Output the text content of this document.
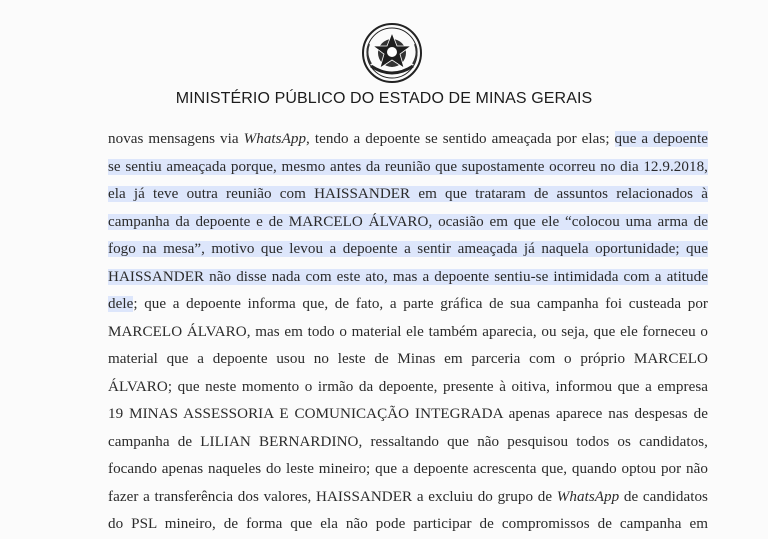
MINISTÉRIO PÚBLICO DO ESTADO DE MINAS GERAIS
novas mensagens via WhatsApp, tendo a depoente se sentido ameaçada por elas; que a depoente
se sentiu ameaçada porque, mesmo antes da reunião que supostamente ocorreu no dia 12.9.2018,
ela já teve outra reunião com HAISSANDER em que trataram de assuntos relacionados à
campanha da depoente e de MARCELO ÁLVARO, ocasião em que ele “colocou uma arma de
fogo na mesa”, motivo que levou a depoente a sentir ameaçada já naquela oportunidade; que
HAISSANDER não disse nada com este ato, mas a depoente sentiu-se intimidada com a atitude
dele; que a depoente informa que, de fato, a parte gráfica de sua campanha foi custeada por
MARCELO ÁLVARO, mas em todo o material ele também aparecia, ou seja, que ele forneceu o
material que a depoente usou no leste de Minas em parceria com o próprio MARCELO
ÁLVARO; que neste momento o irmão da depoente, presente à oitiva, informou que a empresa
19 MINAS ASSESSORIA E COMUNICAÇÃO INTEGRADA apenas aparece nas despesas de
campanha de LILIAN BERNARDINO, ressaltando que não pesquisou todos os candidatos,
focando apenas naqueles do leste mineiro; que a depoente acrescenta que, quando optou por não
fazer a transferência dos valores, HAISSANDER a excluiu do grupo de WhatsApp de candidatos
do PSL mineiro, de forma que ela não pode participar de compromissos de campanha em
